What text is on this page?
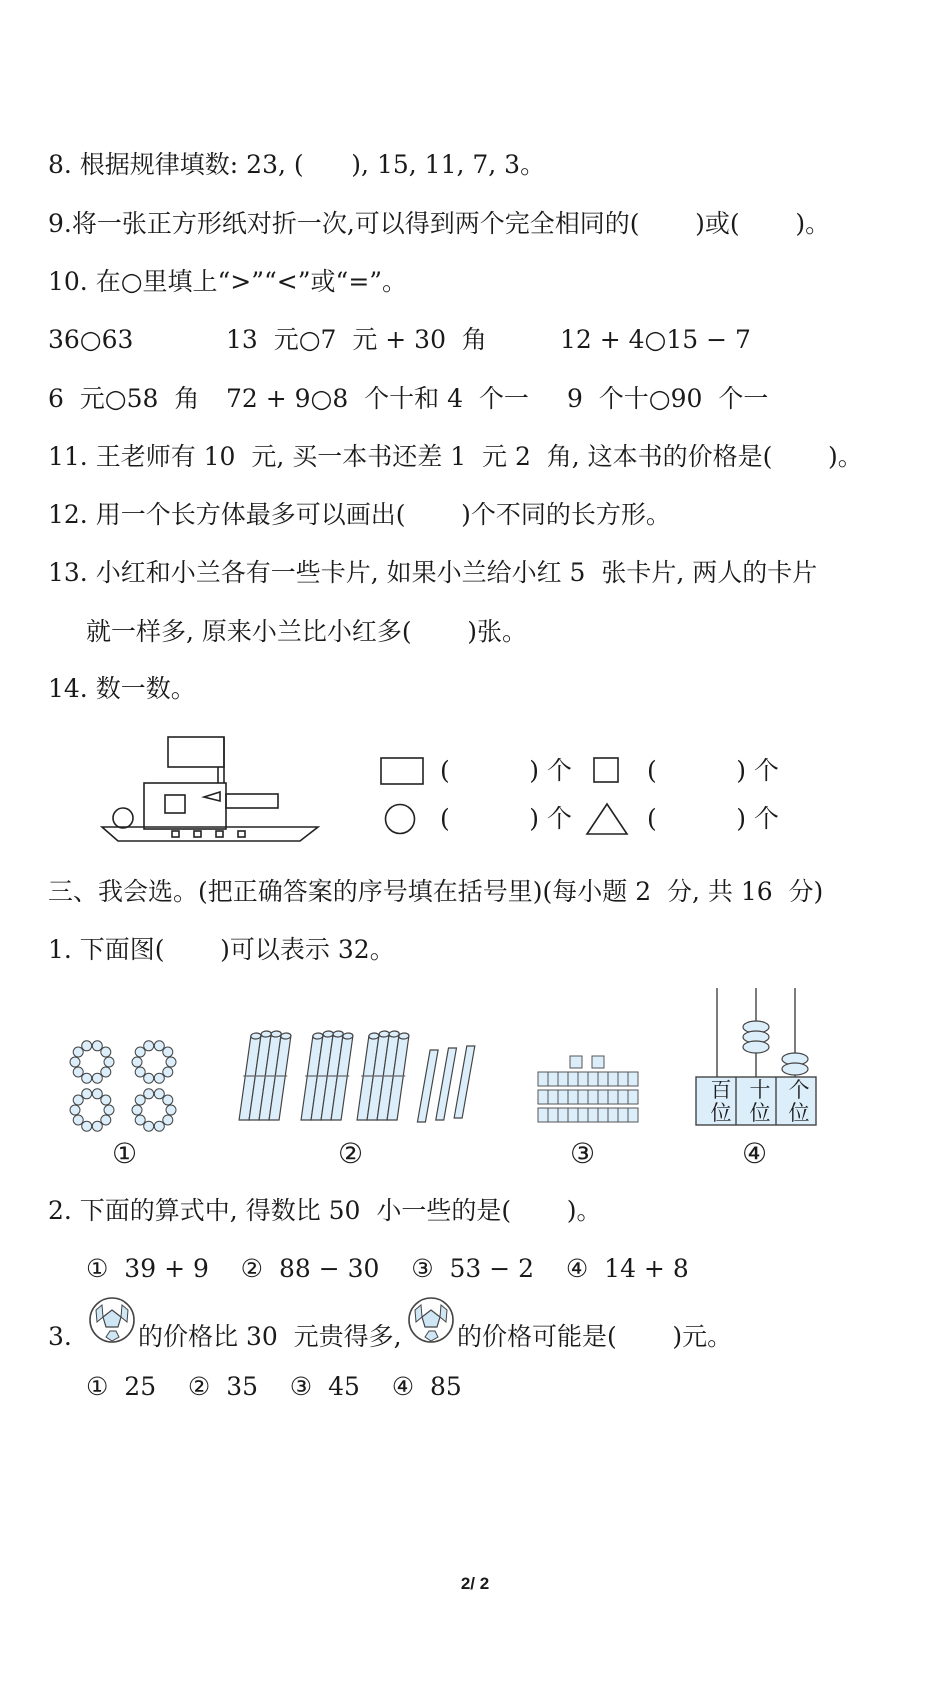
8. 根据规律填数: 23, (      ), 15, 11, 7, 3。
9.将一张正方形纸对折一次,可以得到两个完全相同的(       )或(       )。
10. 在○里填上“>”“<”或“=”。
36○63	13  元○7  元 + 30  角	12 + 4○15 − 7
6  元○58  角 72 + 9○8  个十和 4  个一 9  个十○90  个一
11. 王老师有 10  元, 买一本书还差 1  元 2  角, 这本书的价格是(       )。
12. 用一个长方体最多可以画出(       )个不同的长方形。
13. 小红和小兰各有一些卡片, 如果小兰给小红 5  张卡片, 两人的卡片
就一样多, 原来小兰比小红多(       )张。
14. 数一数。
(          ) 个	(          ) 个
(          ) 个	(          ) 个
三、我会选。(把正确答案的序号填在括号里)(每小题 2  分, 共 16  分)
1. 下面图(       )可以表示 32。
①	②	③
百位
十位
个位
④
2. 下面的算式中, 得数比 50  小一些的是(       )。
①  39 + 9    ②  88 − 30    ③  53 − 2    ④  14 + 8
3.	的价格比 30  元贵得多, 的价格可能是(       )元。
①  25    ②  35    ③  45    ④  85
2/ 2
